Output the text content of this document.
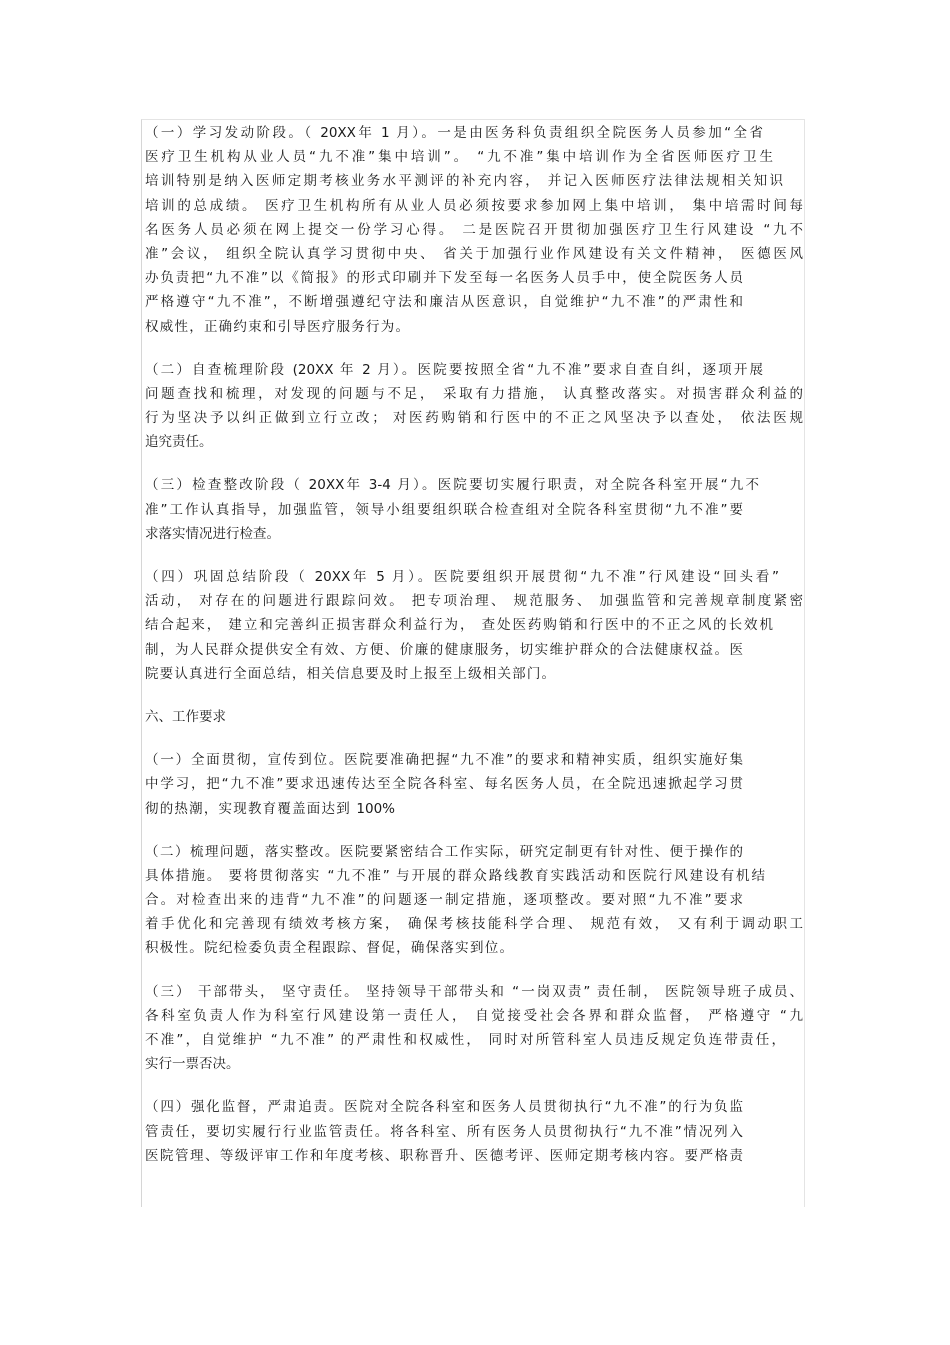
（一）学习发动阶段。（ 20XX年 1 月）。一是由医务科负责组织全院医务人员参加“全省
医疗卫生机构从业人员“九不准”集中培训”。 “九不准”集中培训作为全省医师医疗卫生
培训特别是纳入医师定期考核业务水平测评的补充内容， 并记入医师医疗法律法规相关知识
培训的总成绩。 医疗卫生机构所有从业人员必须按要求参加网上集中培训， 集中培需时间每
名医务人员必须在网上提交一份学习心得。 二是医院召开贯彻加强医疗卫生行风建设 “九不
准”会议， 组织全院认真学习贯彻中央、 省关于加强行业作风建设有关文件精神， 医德医风
办负责把“九不准”以《简报》的形式印刷并下发至每一名医务人员手中，使全院医务人员
严格遵守“九不准”，不断增强遵纪守法和廉洁从医意识，自觉维护“九不准”的严肃性和
权威性，正确约束和引导医疗服务行为。
（二）自查梳理阶段 (20XX 年 2 月）。医院要按照全省“九不准”要求自查自纠，逐项开展
问题查找和梳理，对发现的问题与不足， 采取有力措施， 认真整改落实。对损害群众利益的
行为坚决予以纠正做到立行立改； 对医药购销和行医中的不正之风坚决予以查处， 依法医规
追究责任。
（三）检查整改阶段（ 20XX年 3-4 月）。医院要切实履行职责，对全院各科室开展“九不
准”工作认真指导，加强监管，领导小组要组织联合检查组对全院各科室贯彻“九不准”要
求落实情况进行检查。
（四）巩固总结阶段（ 20XX年 5 月）。医院要组织开展贯彻“九不准”行风建设“回头看”
活动， 对存在的问题进行跟踪问效。 把专项治理、 规范服务、 加强监管和完善规章制度紧密
结合起来， 建立和完善纠正损害群众利益行为， 查处医药购销和行医中的不正之风的长效机
制，为人民群众提供安全有效、方便、价廉的健康服务，切实维护群众的合法健康权益。医
院要认真进行全面总结，相关信息要及时上报至上级相关部门。
六、工作要求
（一）全面贯彻，宣传到位。医院要准确把握“九不准”的要求和精神实质，组织实施好集
中学习，把“九不准”要求迅速传达至全院各科室、每名医务人员，在全院迅速掀起学习贯
彻的热潮，实现教育覆盖面达到 100%
（二）梳理问题，落实整改。医院要紧密结合工作实际，研究定制更有针对性、便于操作的
具体措施。 要将贯彻落实 “九不准” 与开展的群众路线教育实践活动和医院行风建设有机结
合。对检查出来的违背“九不准”的问题逐一制定措施，逐项整改。要对照“九不准”要求
着手优化和完善现有绩效考核方案， 确保考核技能科学合理、 规范有效， 又有利于调动职工
积极性。院纪检委负责全程跟踪、督促，确保落实到位。
（三） 干部带头， 坚守责任。 坚持领导干部带头和 “一岗双责” 责任制， 医院领导班子成员、
各科室负责人作为科室行风建设第一责任人， 自觉接受社会各界和群众监督， 严格遵守 “九
不准”，自觉维护 “九不准” 的严肃性和权威性， 同时对所管科室人员违反规定负连带责任，
实行一票否决。
（四）强化监督，严肃追责。医院对全院各科室和医务人员贯彻执行“九不准”的行为负监
管责任，要切实履行行业监管责任。将各科室、所有医务人员贯彻执行“九不准”情况列入
医院管理、等级评审工作和年度考核、职称晋升、医德考评、医师定期考核内容。要严格责
